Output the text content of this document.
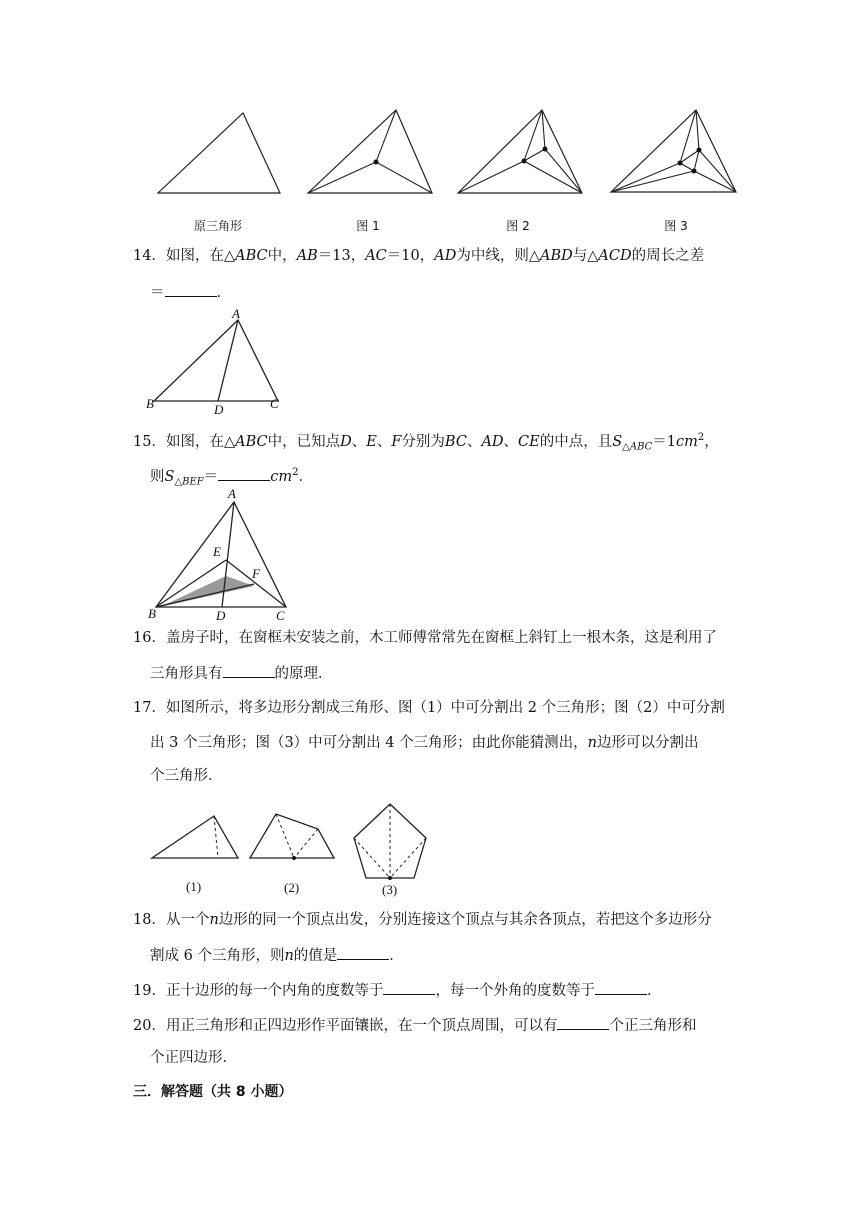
原三角形	图 1	图 2	图 3
14．如图，在△ABC中，AB＝13，AC＝10，AD为中线，则△ABD与△ACD的周长之差
＝	．
A
B	D	C
15．如图，在△ABC中，已知点D、E、F分别为BC、AD、CE的中点，且$S_{\triangle ABC}=1cm^2$，
则$S_{\triangle BEF}=$	$cm^2$．
A
E
F
B	D	C
16．盖房子时，在窗框未安装之前，木工师傅常常先在窗框上斜钉上一根木条，这是利用了
三角形具有	的原理．
17．如图所示，将多边形分割成三角形、图（1）中可分割出 2 个三角形；图（2）中可分割
出 3 个三角形；图（3）中可分割出 4 个三角形；由此你能猜测出，n边形可以分割出
个三角形．
(1)	(2)	(3)
18．从一个n边形的同一个顶点出发，分别连接这个顶点与其余各顶点，若把这个多边形分
割成 6 个三角形，则n的值是	．
19．正十边形的每一个内角的度数等于	，每一个外角的度数等于	．
20．用正三角形和正四边形作平面镶嵌，在一个顶点周围，可以有	个正三角形和
个正四边形．
三．解答题（共 8 小题）
